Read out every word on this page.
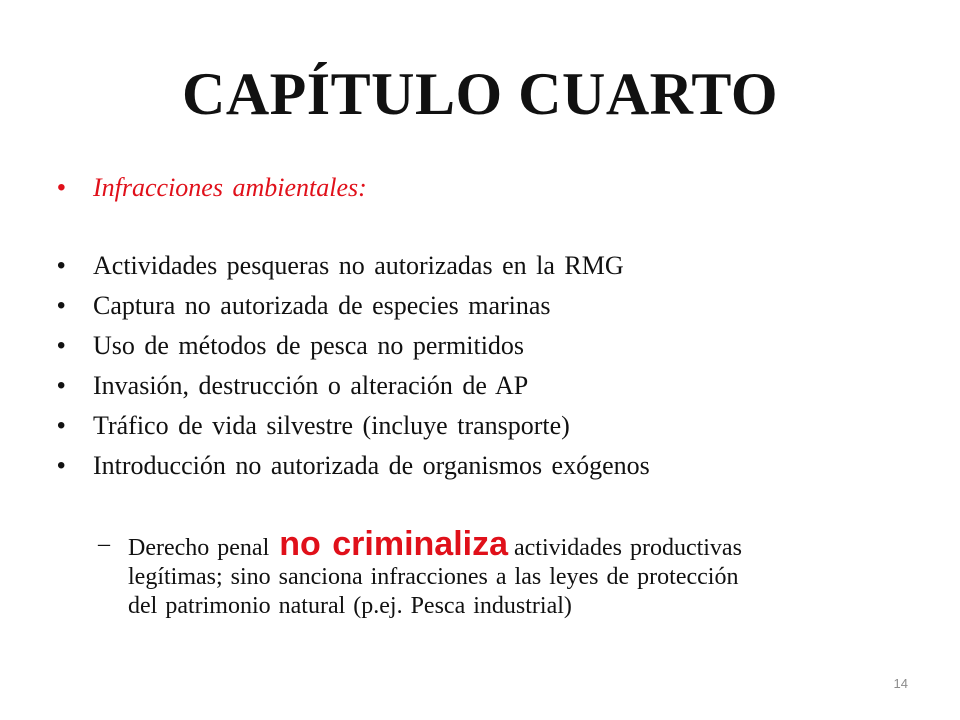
CAPÍTULO CUARTO
• Infracciones ambientales:
• Actividades pesqueras no autorizadas en la RMG
• Captura no autorizada de especies marinas
• Uso de métodos de pesca no permitidos
• Invasión, destrucción o alteración de AP
• Tráfico de vida silvestre (incluye transporte)
• Introducción no autorizada de organismos exógenos
– Derecho penal no criminaliza actividades productivas
legítimas; sino sanciona infracciones a las leyes de protección
del patrimonio natural (p.ej. Pesca industrial)
14
